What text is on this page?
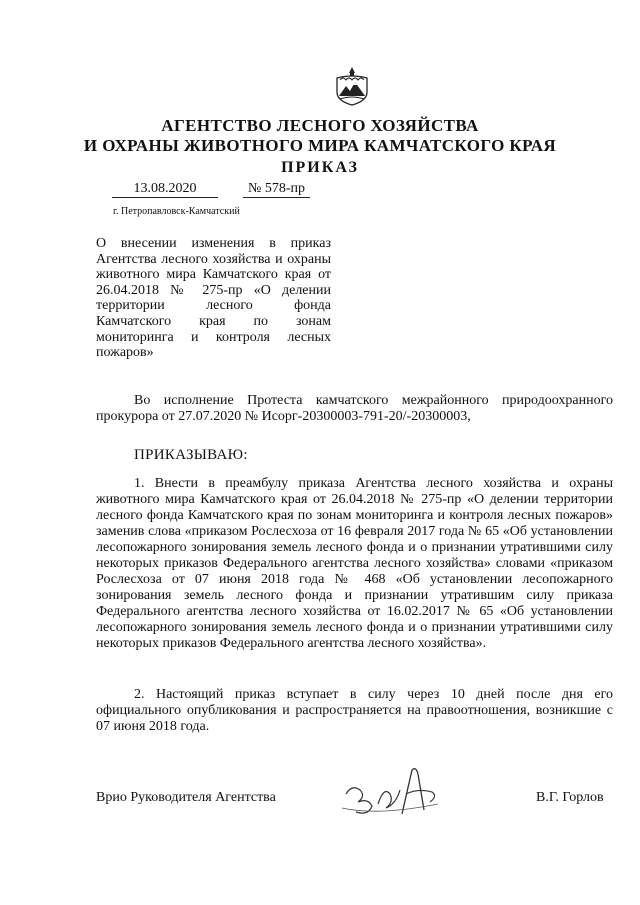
АГЕНТСТВО ЛЕСНОГО ХОЗЯЙСТВА
И ОХРАНЫ ЖИВОТНОГО МИРА КАМЧАТСКОГО КРАЯ
ПРИКАЗ
13.08.2020	№ 578-пр
г. Петропавловск-Камчатский
О внесении изменения в приказ Агентства лесного хозяйства и охраны животного мира Камчатского края от 26.04.2018 № 275-пр «О делении территории лесного фонда Камчатского края по зонам мониторинга и контроля лесных пожаров»
Во исполнение Протеста камчатского межрайонного природоохранного прокурора от 27.07.2020 № Исорг-20300003-791-20/-20300003,
ПРИКАЗЫВАЮ:
1. Внести в преамбулу приказа Агентства лесного хозяйства и охраны животного мира Камчатского края от 26.04.2018 № 275-пр «О делении территории лесного фонда Камчатского края по зонам мониторинга и контроля лесных пожаров» заменив слова «приказом Рослесхоза от 16 февраля 2017 года № 65 «Об установлении лесопожарного зонирования земель лесного фонда и о признании утратившими силу некоторых приказов Федерального агентства лесного хозяйства» словами «приказом Рослесхоза от 07 июня 2018 года № 468 «Об установлении лесопожарного зонирования земель лесного фонда и признании утратившим силу приказа Федерального агентства лесного хозяйства от 16.02.2017 № 65 «Об установлении лесопожарного зонирования земель лесного фонда и о признании утратившими силу некоторых приказов Федерального агентства лесного хозяйства».
2. Настоящий приказ вступает в силу через 10 дней после дня его официального опубликования и распространяется на правоотношения, возникшие с 07 июня 2018 года.
Врио Руководителя Агентства	В.Г. Горлов
